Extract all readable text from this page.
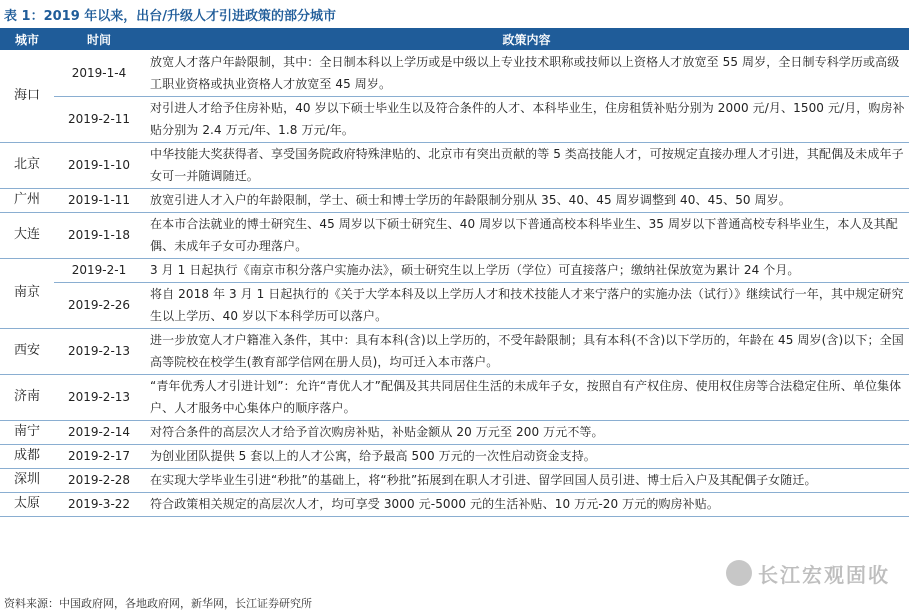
表 1：2019 年以来，出台/升级人才引进政策的部分城市
城市	时间	政策内容
海口	2019-1-4	放宽人才落户年龄限制，其中：全日制本科以上学历或是中级以上专业技术职称或技师以上资格人才放宽至 55 周岁，全日制专科学历或高级工职业资格或执业资格人才放宽至 45 周岁。
	2019-2-11	对引进人才给予住房补贴，40 岁以下硕士毕业生以及符合条件的人才、本科毕业生，住房租赁补贴分别为 2000 元/月、1500 元/月，购房补贴分别为 2.4 万元/年、1.8 万元/年。
北京	2019-1-10	中华技能大奖获得者、享受国务院政府特殊津贴的、北京市有突出贡献的等 5 类高技能人才，可按规定直接办理人才引进，其配偶及未成年子女可一并随调随迁。
广州	2019-1-11	放宽引进人才入户的年龄限制，学士、硕士和博士学历的年龄限制分别从 35、40、45 周岁调整到 40、45、50 周岁。
大连	2019-1-18	在本市合法就业的博士研究生、45 周岁以下硕士研究生、40 周岁以下普通高校本科毕业生、35 周岁以下普通高校专科毕业生，本人及其配偶、未成年子女可办理落户。
南京	2019-2-1	3 月 1 日起执行《南京市积分落户实施办法》，硕士研究生以上学历（学位）可直接落户；缴纳社保放宽为累计 24 个月。
	2019-2-26	将自 2018 年 3 月 1 日起执行的《关于大学本科及以上学历人才和技术技能人才来宁落户的实施办法（试行）》继续试行一年，其中规定研究生以上学历、40 岁以下本科学历可以落户。
西安	2019-2-13	进一步放宽人才户籍准入条件，其中：具有本科(含)以上学历的，不受年龄限制；具有本科(不含)以下学历的，年龄在 45 周岁(含)以下；全国高等院校在校学生(教育部学信网在册人员)，均可迁入本市落户。
济南	2019-2-13	“青年优秀人才引进计划”：允许“青优人才”配偶及其共同居住生活的未成年子女，按照自有产权住房、使用权住房等合法稳定住所、单位集体户、人才服务中心集体户的顺序落户。
南宁	2019-2-14	对符合条件的高层次人才给予首次购房补贴，补贴金额从 20 万元至 200 万元不等。
成都	2019-2-17	为创业团队提供 5 套以上的人才公寓，给予最高 500 万元的一次性启动资金支持。
深圳	2019-2-28	在实现大学毕业生引进“秒批”的基础上，将“秒批”拓展到在职人才引进、留学回国人员引进、博士后入户及其配偶子女随迁。
太原	2019-3-22	符合政策相关规定的高层次人才，均可享受 3000 元-5000 元的生活补贴、10 万元-20 万元的购房补贴。
资料来源：中国政府网，各地政府网，新华网，长江证券研究所
长江宏观固收
